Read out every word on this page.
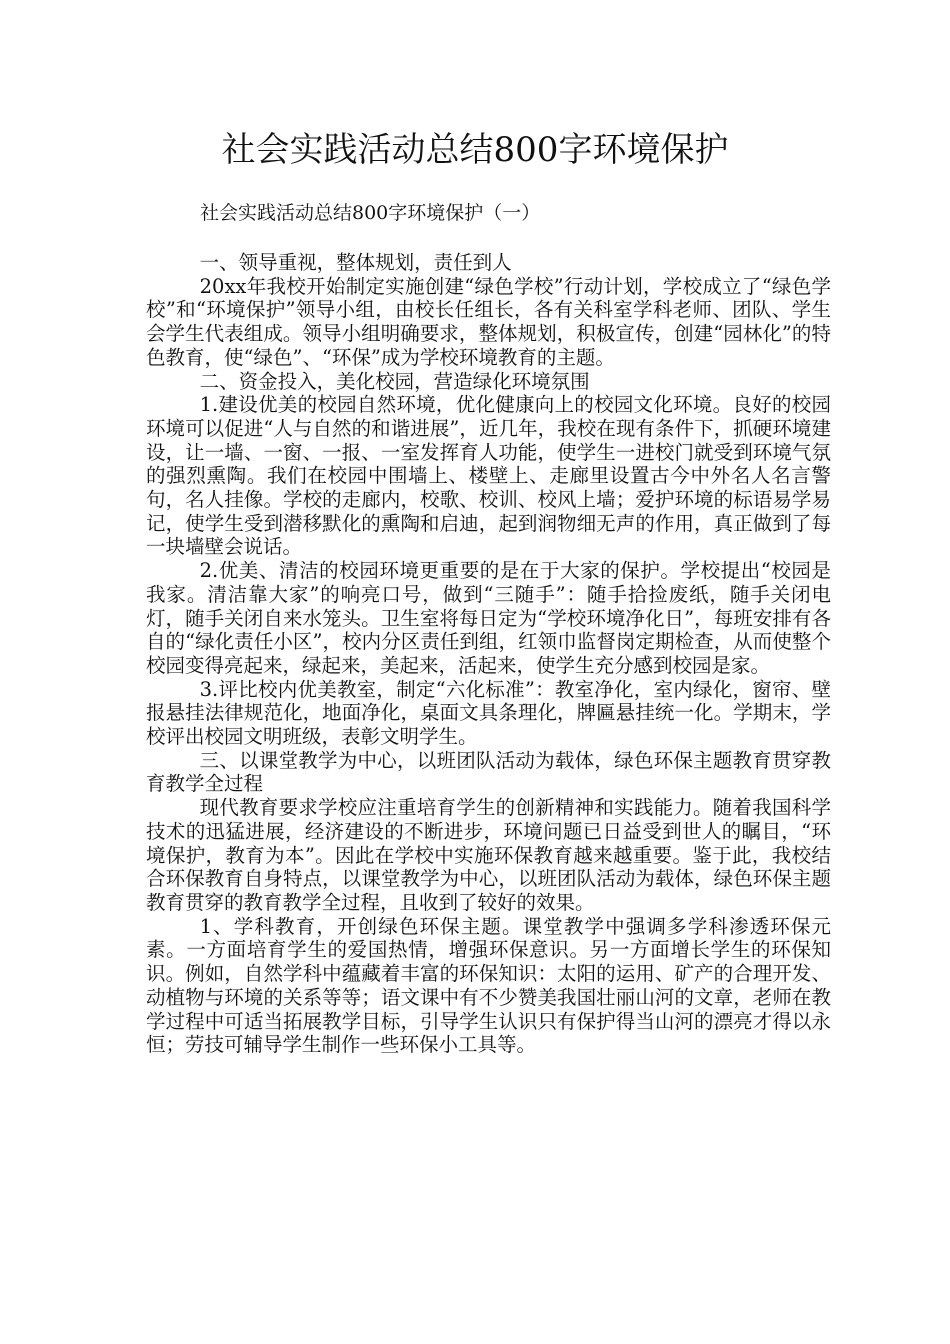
社会实践活动总结800字环境保护

社会实践活动总结800字环境保护（一）

一、领导重视，整体规划，责任到人

20xx年我校开始制定实施创建“绿色学校”行动计划，学校成立了“绿色学校”和“环境保护”领导小组，由校长任组长，各有关科室学科老师、团队、学生会学生代表组成。领导小组明确要求，整体规划，积极宣传，创建“园林化”的特色教育，使“绿色”、“环保”成为学校环境教育的主题。

二、资金投入，美化校园，营造绿化环境氛围

1.建设优美的校园自然环境，优化健康向上的校园文化环境。良好的校园环境可以促进“人与自然的和谐进展”，近几年，我校在现有条件下，抓硬环境建设，让一墙、一窗、一报、一室发挥育人功能，使学生一进校门就受到环境气氛的强烈熏陶。我们在校园中围墙上、楼壁上、走廊里设置古今中外名人名言警句，名人挂像。学校的走廊内，校歌、校训、校风上墙；爱护环境的标语易学易记，使学生受到潜移默化的熏陶和启迪，起到润物细无声的作用，真正做到了每一块墙壁会说话。

2.优美、清洁的校园环境更重要的是在于大家的保护。学校提出“校园是我家。清洁靠大家”的响亮口号，做到“三随手”：随手拾捡废纸，随手关闭电灯，随手关闭自来水笼头。卫生室将每日定为“学校环境净化日”，每班安排有各自的“绿化责任小区”，校内分区责任到组，红领巾监督岗定期检查，从而使整个校园变得亮起来，绿起来，美起来，活起来，使学生充分感到校园是家。

3.评比校内优美教室，制定“六化标准”：教室净化，室内绿化，窗帘、壁报悬挂法律规范化，地面净化，桌面文具条理化，牌匾悬挂统一化。学期末，学校评出校园文明班级，表彰文明学生。

三、以课堂教学为中心，以班团队活动为载体，绿色环保主题教育贯穿教育教学全过程

现代教育要求学校应注重培育学生的创新精神和实践能力。随着我国科学技术的迅猛进展，经济建设的不断进步，环境问题已日益受到世人的瞩目，“环境保护，教育为本”。因此在学校中实施环保教育越来越重要。鉴于此，我校结合环保教育自身特点，以课堂教学为中心，以班团队活动为载体，绿色环保主题教育贯穿的教育教学全过程，且收到了较好的效果。

1、学科教育，开创绿色环保主题。课堂教学中强调多学科渗透环保元素。一方面培育学生的爱国热情，增强环保意识。另一方面增长学生的环保知识。例如，自然学科中蕴藏着丰富的环保知识：太阳的运用、矿产的合理开发、动植物与环境的关系等等；语文课中有不少赞美我国壮丽山河的文章，老师在教学过程中可适当拓展教学目标，引导学生认识只有保护得当山河的漂亮才得以永恒；劳技可辅导学生制作一些环保小工具等。
